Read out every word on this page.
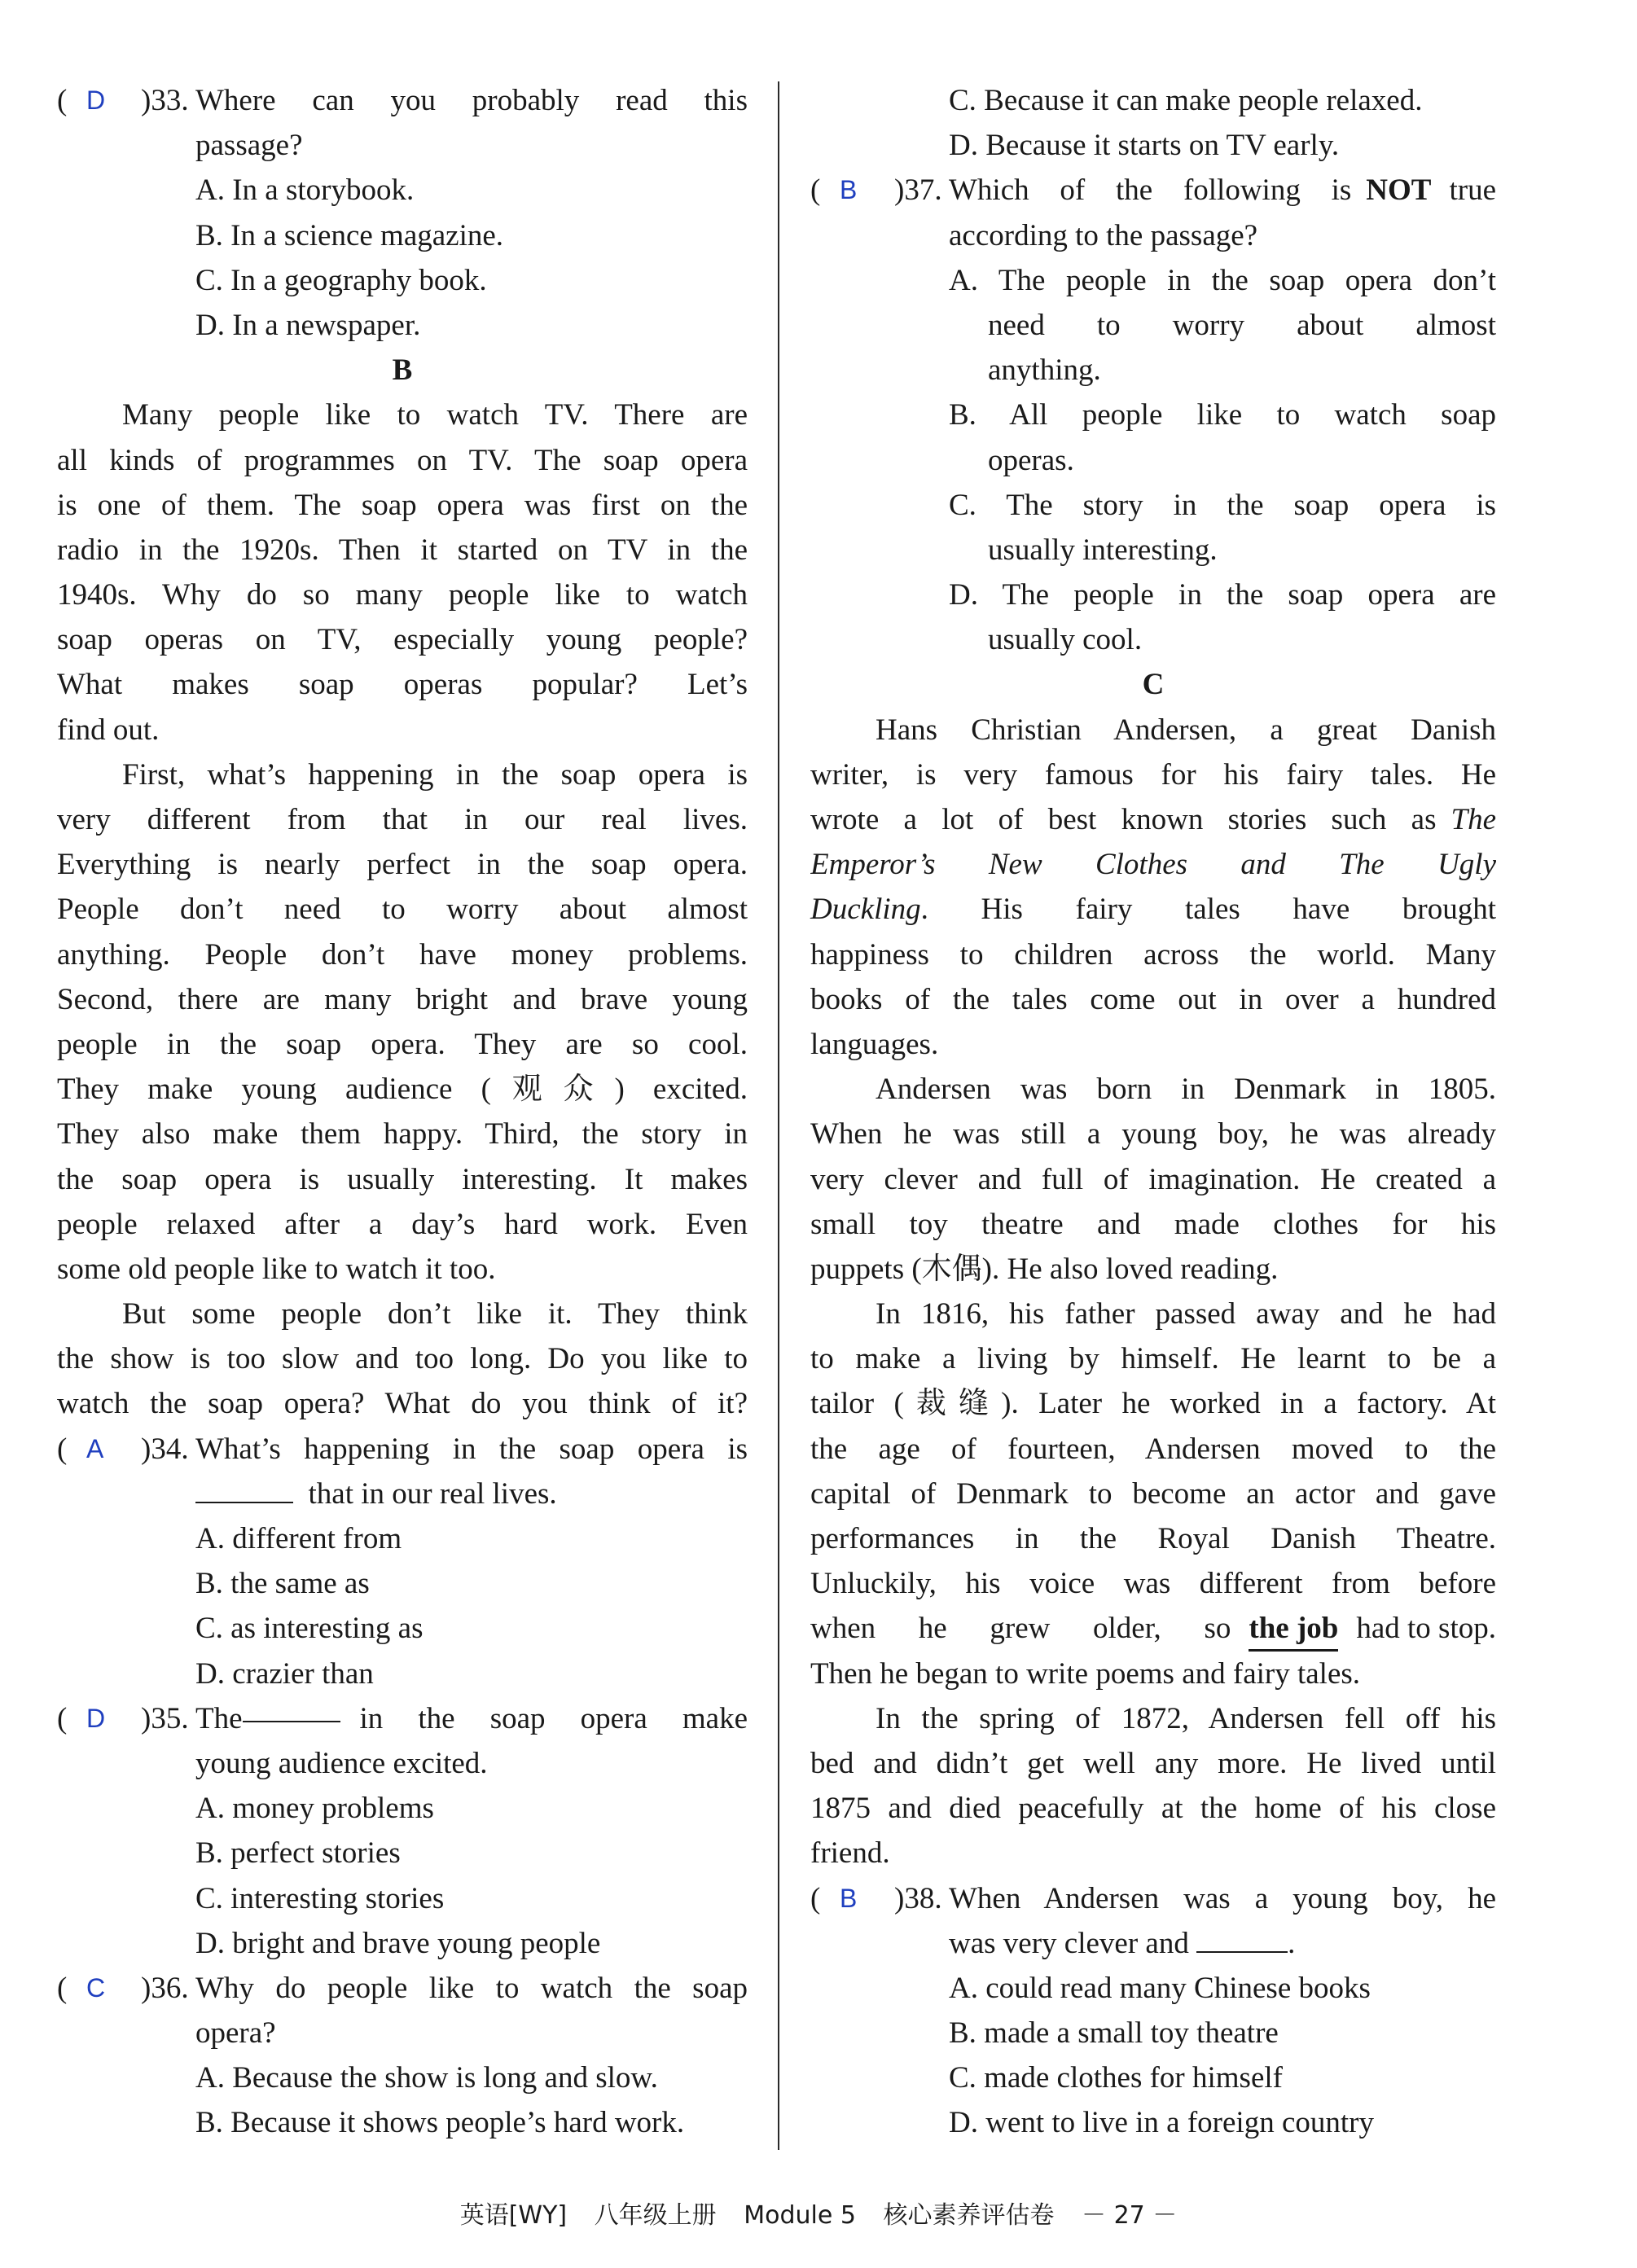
( D )33. Where can you probably read this
passage?
A. In a storybook.
B. In a science magazine.
C. In a geography book.
D. In a newspaper.
B
Many people like to watch TV. There are
all kinds of programmes on TV. The soap opera
is one of them. The soap opera was first on the
radio in the 1920s. Then it started on TV in the
1940s. Why do so many people like to watch
soap operas on TV, especially young people?
What makes soap operas popular? Let’s
find out.
First, what’s happening in the soap opera is
very different from that in our real lives.
Everything is nearly perfect in the soap opera.
People don’t need to worry about almost
anything. People don’t have money problems.
Second, there are many bright and brave young
people in the soap opera. They are so cool.
They make young audience (观众) excited.
They also make them happy. Third, the story in
the soap opera is usually interesting. It makes
people relaxed after a day’s hard work. Even
some old people like to watch it too.
But some people don’t like it. They think
the show is too slow and too long. Do you like to
watch the soap opera? What do you think of it?
( A )34. What’s happening in the soap opera is
that in our real lives.
A. different from
B. the same as
C. as interesting as
D. crazier than
( D )35. The	in the soap opera make
young audience excited.
A. money problems
B. perfect stories
C. interesting stories
D. bright and brave young people
( C )36. Why do people like to watch the soap
opera?
A. Because the show is long and slow.
B. Because it shows people’s hard work.
C. Because it can make people relaxed.
D. Because it starts on TV early.
( B )37. Which of the following is NOT true
according to the passage?
A. The people in the soap opera don’t
need to worry about almost
anything.
B. All people like to watch soap
operas.
C. The story in the soap opera is
usually interesting.
D. The people in the soap opera are
usually cool.
C
Hans Christian Andersen, a great Danish
writer, is very famous for his fairy tales. He
wrote a lot of best known stories such as The
Emperor’s New Clothes and The Ugly
Duckling . His fairy tales have brought
happiness to children across the world. Many
books of the tales come out in over a hundred
languages.
Andersen was born in Denmark in 1805.
When he was still a young boy, he was already
very clever and full of imagination. He created a
small toy theatre and made clothes for his
puppets (木偶). He also loved reading.
In 1816, his father passed away and he had
to make a living by himself. He learnt to be a
tailor (裁缝). Later he worked in a factory. At
the age of fourteen, Andersen moved to the
capital of Denmark to become an actor and gave
performances in the Royal Danish Theatre.
Unluckily, his voice was different from before
when he grew older, so the job had to stop.
Then he began to write poems and fairy tales.
In the spring of 1872, Andersen fell off his
bed and didn’t get well any more. He lived until
1875 and died peacefully at the home of his close
friend.
( B )38. When Andersen was a young boy, he
was very clever and	.
A. could read many Chinese books
B. made a small toy theatre
C. made clothes for himself
D. went to live in a foreign country
英语[WY] 八年级上册 Module 5 核心素养评估卷 － 27 －
